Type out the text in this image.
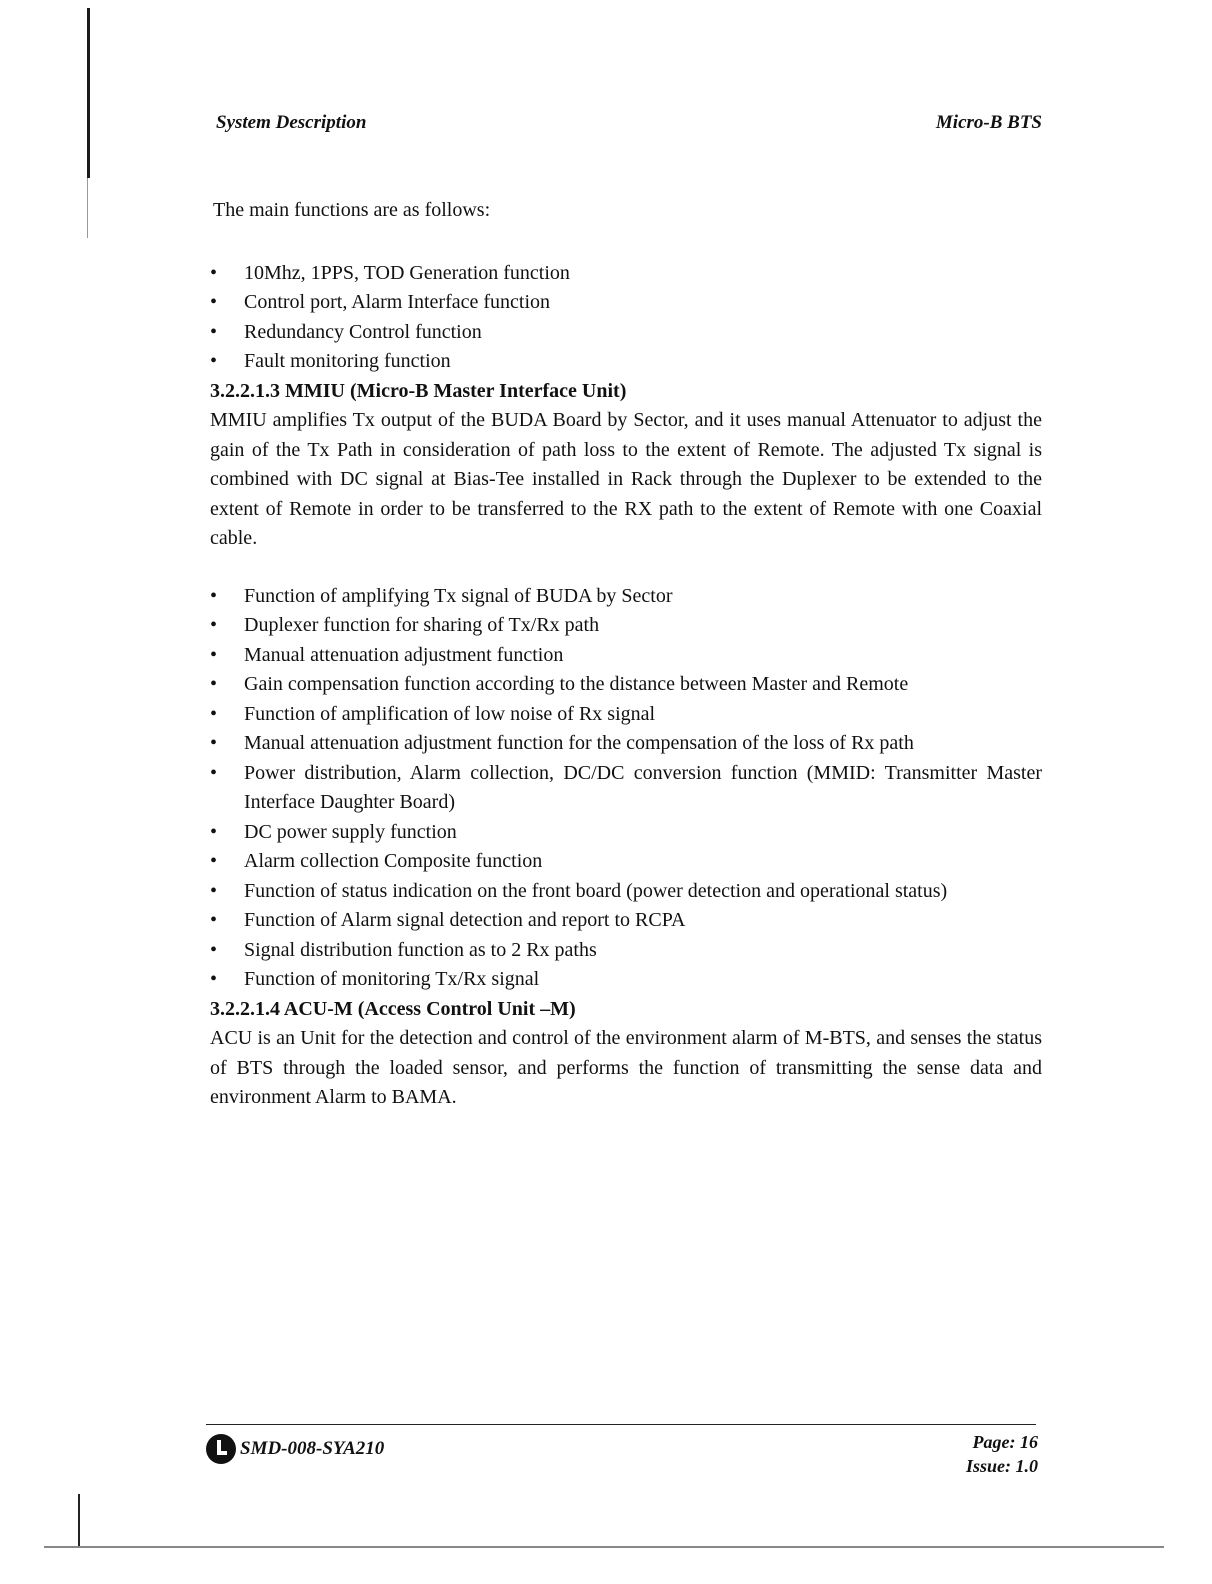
System Description	Micro-B BTS

The main functions are as follows:

• 10Mhz, 1PPS, TOD Generation function
• Control port, Alarm Interface function
• Redundancy Control function
• Fault monitoring function
3.2.2.1.3 MMIU (Micro-B Master Interface Unit)

MMIU amplifies Tx output of the BUDA Board by Sector, and it uses manual Attenuator to adjust the gain of the Tx Path in consideration of path loss to the extent of Remote. The adjusted Tx signal is combined with DC signal at Bias-Tee installed in Rack through the Duplexer to be extended to the extent of Remote in order to be transferred to the RX path to the extent of Remote with one Coaxial cable.

• Function of amplifying Tx signal of BUDA by Sector
• Duplexer function for sharing of Tx/Rx path
• Manual attenuation adjustment function
• Gain compensation function according to the distance between Master and Remote
• Function of amplification of low noise of Rx signal
• Manual attenuation adjustment function for the compensation of the loss of Rx path
• Power distribution, Alarm collection, DC/DC conversion function (MMID: Transmitter Master Interface Daughter Board)
• DC power supply function
• Alarm collection Composite function
• Function of status indication on the front board (power detection and operational status)
• Function of Alarm signal detection and report to RCPA
• Signal distribution function as to 2 Rx paths
• Function of monitoring Tx/Rx signal
3.2.2.1.4 ACU-M (Access Control Unit –M)

ACU is an Unit for the detection and control of the environment alarm of M-BTS, and senses the status of BTS through the loaded sensor, and performs the function of transmitting the sense data and environment Alarm to BAMA.

SMD-008-SYA210	Page: 16
Issue: 1.0
